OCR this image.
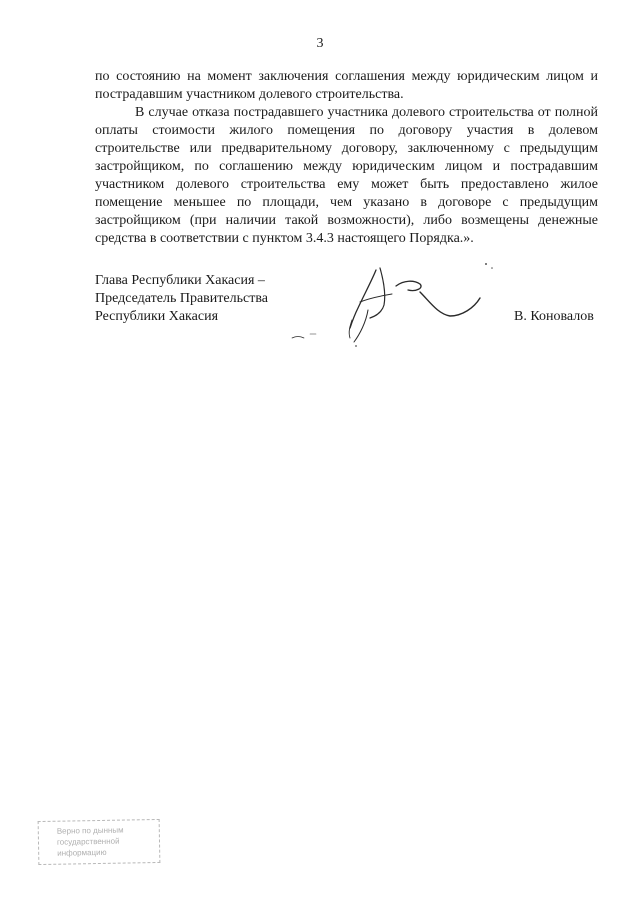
3

по состоянию на момент заключения соглашения между юридическим лицом и пострадавшим участником долевого строительства.

В случае отказа пострадавшего участника долевого строительства от полной оплаты стоимости жилого помещения по договору участия в долевом строительстве или предварительному договору, заключенному с предыдущим застройщиком, по соглашению между юридическим лицом и пострадавшим участником долевого строительства ему может быть предоставлено жилое помещение меньшее по площади, чем указано в договоре с предыдущим застройщиком (при наличии такой возможности), либо возмещены денежные средства в соответствии с пунктом 3.4.3 настоящего Порядка.».

Глава Республики Хакасия –
Председатель Правительства
Республики Хакасия	В. Коновалов
Верно по дынным
государственной
информацию
